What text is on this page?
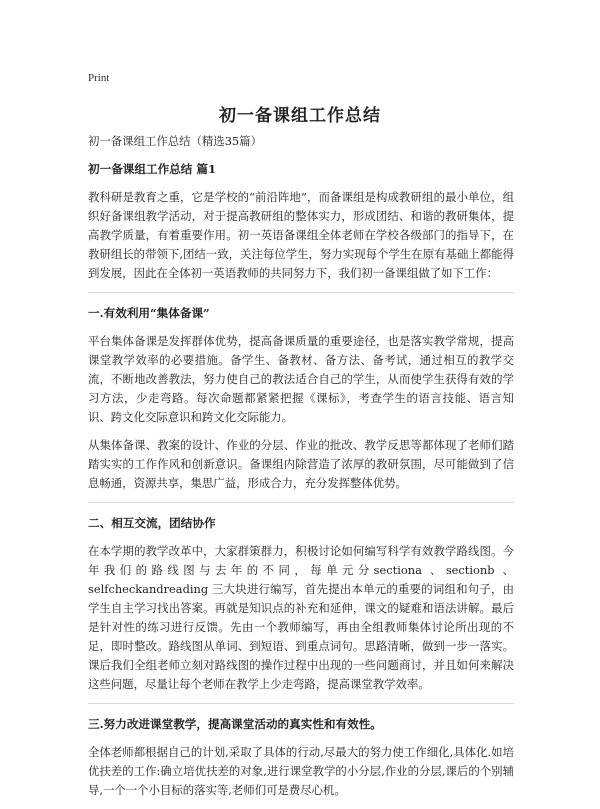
Print
初一备课组工作总结
初一备课组工作总结（精选35篇）
初一备课组工作总结 篇1
教科研是教育之重，它是学校的“前沿阵地”，而备课组是构成教研组的最小单位，组织好备课组教学活动，对于提高教研组的整体实力，形成团结、和谐的教研集体，提高教学质量，有着重要作用。初一英语备课组全体老师在学校各级部门的指导下，在教研组长的带领下,团结一致，关注每位学生，努力实现每个学生在原有基础上都能得到发展，因此在全体初一英语教师的共同努力下，我们初一备课组做了如下工作：
一.有效利用“集体备课”
平台集体备课是发挥群体优势，提高备课质量的重要途径，也是落实教学常规，提高课堂教学效率的必要措施。备学生、备教材、备方法、备考试，通过相互的教学交流，不断地改善教法，努力使自己的教法适合自己的学生，从而使学生获得有效的学习方法，少走弯路。每次命题都紧紧把握《课标》，考查学生的语言技能、语言知识、跨文化交际意识和跨文化交际能力。
从集体备课、教案的设计、作业的分层、作业的批改、教学反思等都体现了老师们踏踏实实的工作作风和创新意识。备课组内除营造了浓厚的教研氛围，尽可能做到了信息畅通，资源共享，集思广益，形成合力，充分发挥整体优势。
二、相互交流，团结协作
在本学期的教学改革中，大家群策群力，积极讨论如何编写科学有效教学路线图。今年我们的路线图与去年的不同，每单元分sectiona 、sectionb 、selfcheckandreading 三大块进行编写，首先提出本单元的重要的词组和句子，由学生自主学习找出答案。再就是知识点的补充和延伸，课文的疑难和语法讲解。最后是针对性的练习进行反馈。先由一个教师编写，再由全组教师集体讨论所出现的不足，即时整改。路线图从单词、到短语、到重点词句。思路清晰，做到一步一落实。课后我们全组老师立刻对路线图的操作过程中出现的一些问题商讨，并且如何来解决这些问题，尽量让每个老师在教学上少走弯路，提高课堂教学效率。
三.努力改进课堂教学，提高课堂活动的真实性和有效性。
全体老师都根据自己的计划,采取了具体的行动,尽最大的努力使工作细化,具体化.如培优扶差的工作:确立培优扶差的对象,进行课堂教学的小分层,作业的分层,课后的个别辅导,一个一个小目标的落实等,老师们可是费尽心机。
